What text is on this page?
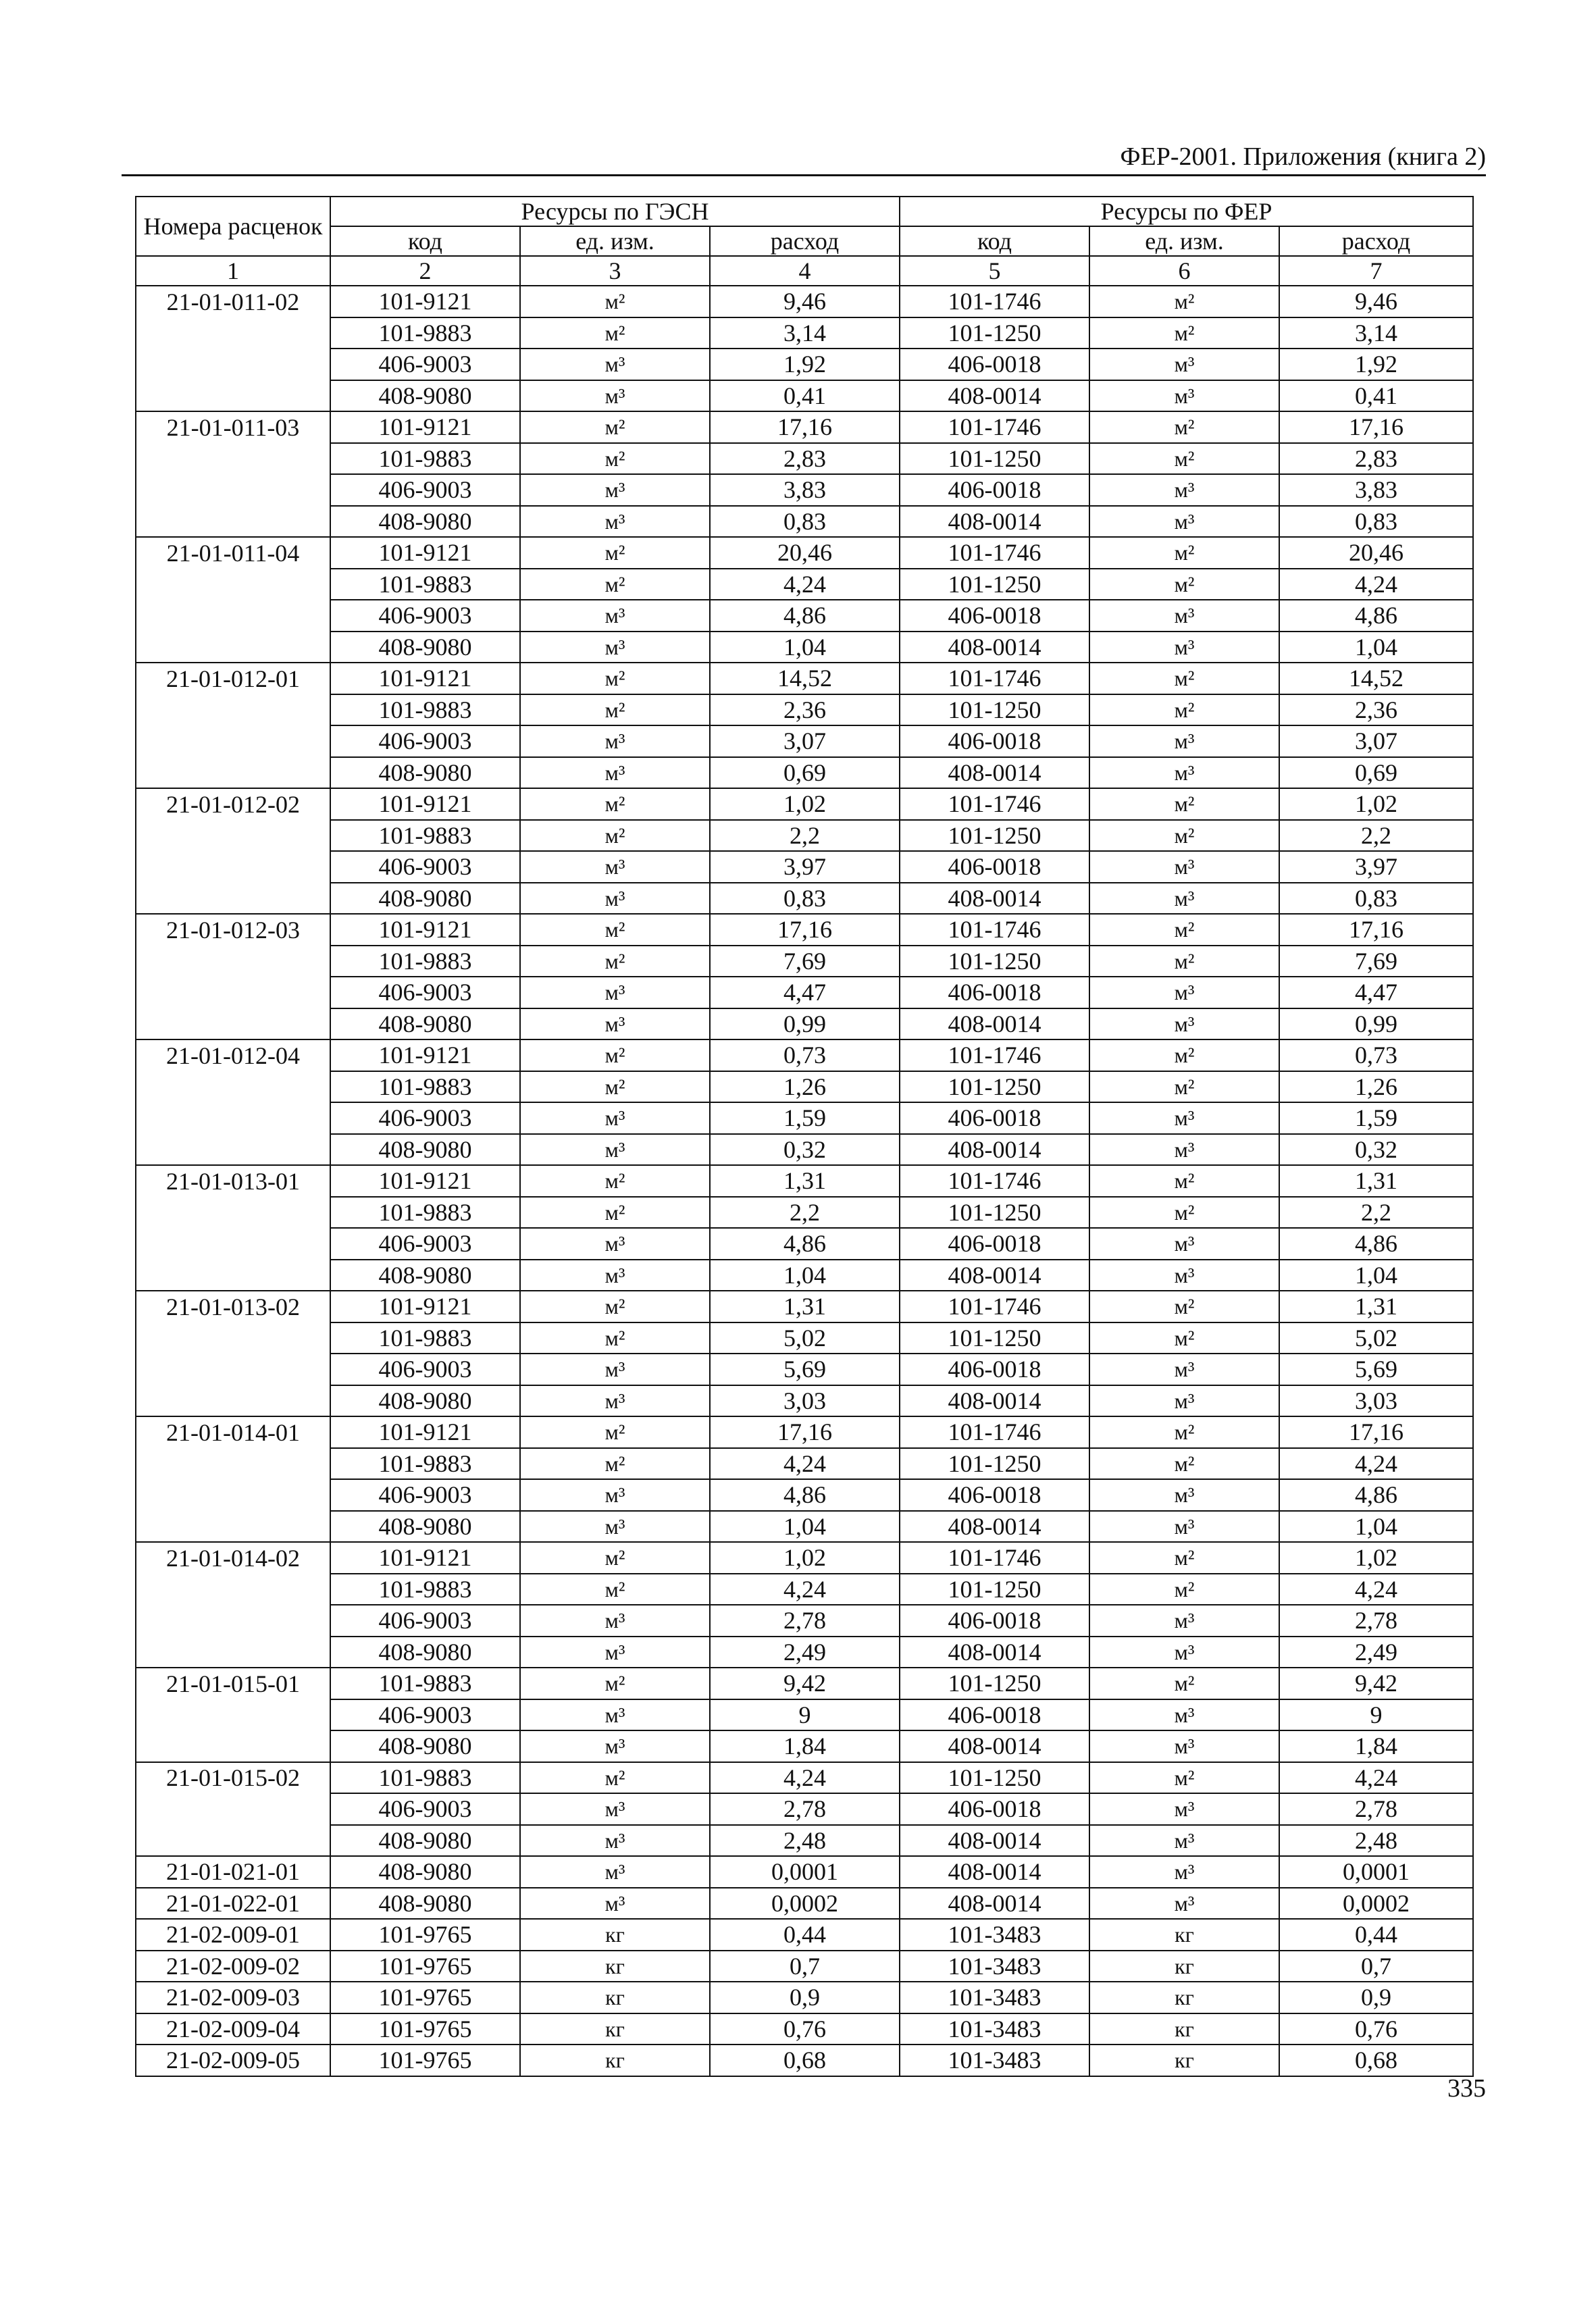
ФЕР-2001. Приложения (книга 2)
Номера расценок	Ресурсы по ГЭСН			Ресурсы по ФЕР		
	код	ед. изм.	расход	код	ед. изм.	расход
1	2	3	4	5	6	7
21-01-011-02	101-9121	м²	9,46	101-1746	м²	9,46
	101-9883	м²	3,14	101-1250	м²	3,14
	406-9003	м³	1,92	406-0018	м³	1,92
	408-9080	м³	0,41	408-0014	м³	0,41
21-01-011-03	101-9121	м²	17,16	101-1746	м²	17,16
	101-9883	м²	2,83	101-1250	м²	2,83
	406-9003	м³	3,83	406-0018	м³	3,83
	408-9080	м³	0,83	408-0014	м³	0,83
21-01-011-04	101-9121	м²	20,46	101-1746	м²	20,46
	101-9883	м²	4,24	101-1250	м²	4,24
	406-9003	м³	4,86	406-0018	м³	4,86
	408-9080	м³	1,04	408-0014	м³	1,04
21-01-012-01	101-9121	м²	14,52	101-1746	м²	14,52
	101-9883	м²	2,36	101-1250	м²	2,36
	406-9003	м³	3,07	406-0018	м³	3,07
	408-9080	м³	0,69	408-0014	м³	0,69
21-01-012-02	101-9121	м²	1,02	101-1746	м²	1,02
	101-9883	м²	2,2	101-1250	м²	2,2
	406-9003	м³	3,97	406-0018	м³	3,97
	408-9080	м³	0,83	408-0014	м³	0,83
21-01-012-03	101-9121	м²	17,16	101-1746	м²	17,16
	101-9883	м²	7,69	101-1250	м²	7,69
	406-9003	м³	4,47	406-0018	м³	4,47
	408-9080	м³	0,99	408-0014	м³	0,99
21-01-012-04	101-9121	м²	0,73	101-1746	м²	0,73
	101-9883	м²	1,26	101-1250	м²	1,26
	406-9003	м³	1,59	406-0018	м³	1,59
	408-9080	м³	0,32	408-0014	м³	0,32
21-01-013-01	101-9121	м²	1,31	101-1746	м²	1,31
	101-9883	м²	2,2	101-1250	м²	2,2
	406-9003	м³	4,86	406-0018	м³	4,86
	408-9080	м³	1,04	408-0014	м³	1,04
21-01-013-02	101-9121	м²	1,31	101-1746	м²	1,31
	101-9883	м²	5,02	101-1250	м²	5,02
	406-9003	м³	5,69	406-0018	м³	5,69
	408-9080	м³	3,03	408-0014	м³	3,03
21-01-014-01	101-9121	м²	17,16	101-1746	м²	17,16
	101-9883	м²	4,24	101-1250	м²	4,24
	406-9003	м³	4,86	406-0018	м³	4,86
	408-9080	м³	1,04	408-0014	м³	1,04
21-01-014-02	101-9121	м²	1,02	101-1746	м²	1,02
	101-9883	м²	4,24	101-1250	м²	4,24
	406-9003	м³	2,78	406-0018	м³	2,78
	408-9080	м³	2,49	408-0014	м³	2,49
21-01-015-01	101-9883	м²	9,42	101-1250	м²	9,42
	406-9003	м³	9	406-0018	м³	9
	408-9080	м³	1,84	408-0014	м³	1,84
21-01-015-02	101-9883	м²	4,24	101-1250	м²	4,24
	406-9003	м³	2,78	406-0018	м³	2,78
	408-9080	м³	2,48	408-0014	м³	2,48
21-01-021-01	408-9080	м³	0,0001	408-0014	м³	0,0001
21-01-022-01	408-9080	м³	0,0002	408-0014	м³	0,0002
21-02-009-01	101-9765	кг	0,44	101-3483	кг	0,44
21-02-009-02	101-9765	кг	0,7	101-3483	кг	0,7
21-02-009-03	101-9765	кг	0,9	101-3483	кг	0,9
21-02-009-04	101-9765	кг	0,76	101-3483	кг	0,76
21-02-009-05	101-9765	кг	0,68	101-3483	кг	0,68
335
